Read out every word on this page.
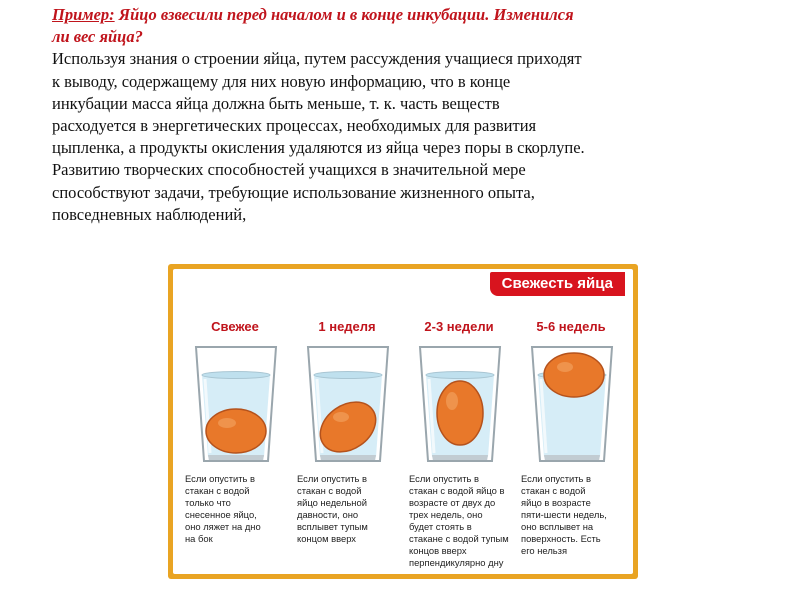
Пример: Яйцо взвесили перед началом и в конце инкубации. Изменился
ли вес яйца?
Используя знания о строении яйца, путем рассуждения учащиеся приходят
к выводу, содержащему для них новую информацию, что в конце
инкубации масса яйца должна быть меньше, т. к. часть веществ
расходуется в энергетических процессах, необходимых для развития
цыпленка, а продукты окисления удаляются из яйца через поры в скорлупе.
Развитию творческих способностей учащихся в значительной мере
способствуют задачи, требующие использование жизненного опыта,
повседневных наблюдений,
Свежесть яйца
Свежее
Если опустить в
стакан с водой
только что
снесенное яйцо,
оно ляжет на дно
на бок
1 неделя
Если опустить в
стакан с водой
яйцо недельной
давности, оно
всплывет тупым
концом вверх
2-3 недели
Если опустить в
стакан с водой яйцо в
возрасте от двух до
трех недель, оно
будет стоять в
стакане с водой тупым
концов вверх
перпендикулярно дну
5-6 недель
Если опустить в
стакан с водой
яйцо в возрасте
пяти-шести недель,
оно всплывет на
поверхность. Есть
его нельзя
